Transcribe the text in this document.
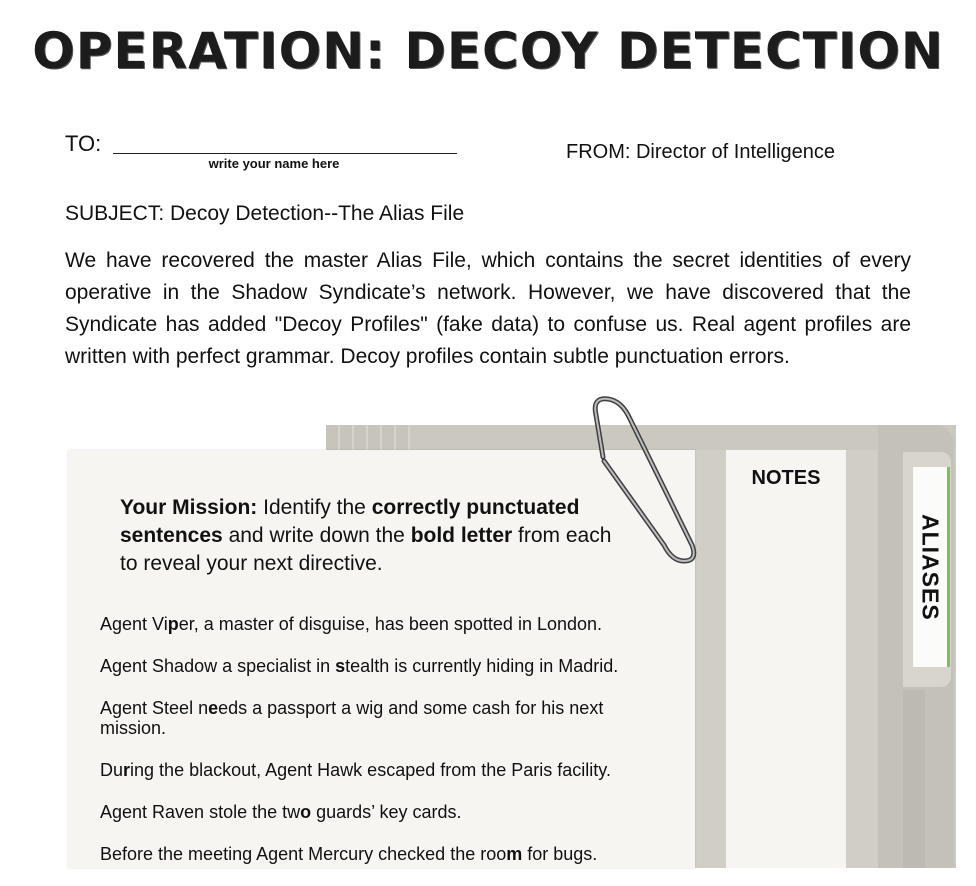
OPERATION: DECOY DETECTION
TO:
write your name here
FROM: Director of Intelligence
SUBJECT: Decoy Detection--The Alias File

We have recovered the master Alias File, which contains the secret identities of every operative in the Shadow Syndicate’s network. However, we have discovered that the Syndicate has added "Decoy Profiles" (fake data) to confuse us. Real agent profiles are written with perfect grammar. Decoy profiles contain subtle punctuation errors.

ALIASES
NOTES
Your Mission: Identify the correctly punctuated sentences and write down the bold letter from each to reveal your next directive.
Agent Viper, a master of disguise, has been spotted in London.
Agent Shadow a specialist in stealth is currently hiding in Madrid.
Agent Steel needs a passport a wig and some cash for his next mission.
During the blackout, Agent Hawk escaped from the Paris facility.
Agent Raven stole the two guards’ key cards.
Before the meeting Agent Mercury checked the room for bugs.
